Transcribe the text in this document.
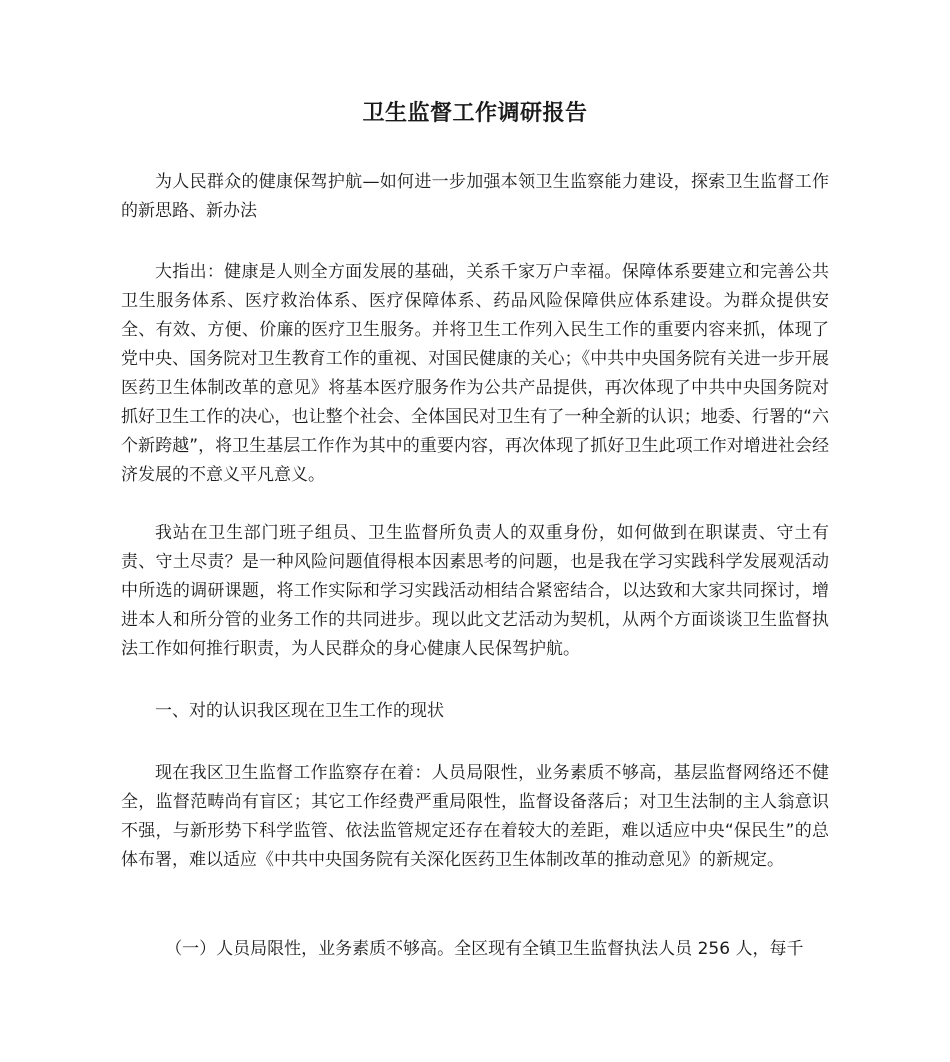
卫生监督工作调研报告

为人民群众的健康保驾护航—如何进一步加强本领卫生监察能力建设，探索卫生监督工作的新思路、新办法

大指出：健康是人则全方面发展的基础，关系千家万户幸福。保障体系要建立和完善公共卫生服务体系、医疗救治体系、医疗保障体系、药品风险保障供应体系建设。为群众提供安全、有效、方便、价廉的医疗卫生服务。并将卫生工作列入民生工作的重要内容来抓，体现了党中央、国务院对卫生教育工作的重视、对国民健康的关心；《中共中央国务院有关进一步开展医药卫生体制改革的意见》将基本医疗服务作为公共产品提供，再次体现了中共中央国务院对抓好卫生工作的决心，也让整个社会、全体国民对卫生有了一种全新的认识；地委、行署的“六个新跨越”，将卫生基层工作作为其中的重要内容，再次体现了抓好卫生此项工作对增进社会经济发展的不意义平凡意义。

我站在卫生部门班子组员、卫生监督所负责人的双重身份，如何做到在职谋责、守土有责、守土尽责？是一种风险问题值得根本因素思考的问题，也是我在学习实践科学发展观活动中所选的调研课题，将工作实际和学习实践活动相结合紧密结合，以达致和大家共同探讨，增进本人和所分管的业务工作的共同进步。现以此文艺活动为契机，从两个方面谈谈卫生监督执法工作如何推行职责，为人民群众的身心健康人民保驾护航。

一、对的认识我区现在卫生工作的现状

现在我区卫生监督工作监察存在着：人员局限性，业务素质不够高，基层监督网络还不健全，监督范畴尚有盲区；其它工作经费严重局限性，监督设备落后；对卫生法制的主人翁意识不强，与新形势下科学监管、依法监管规定还存在着较大的差距，难以适应中央“保民生”的总体布署，难以适应《中共中央国务院有关深化医药卫生体制改革的推动意见》的新规定。

（一）人员局限性，业务素质不够高。全区现有全镇卫生监督执法人员 256 人，每千
